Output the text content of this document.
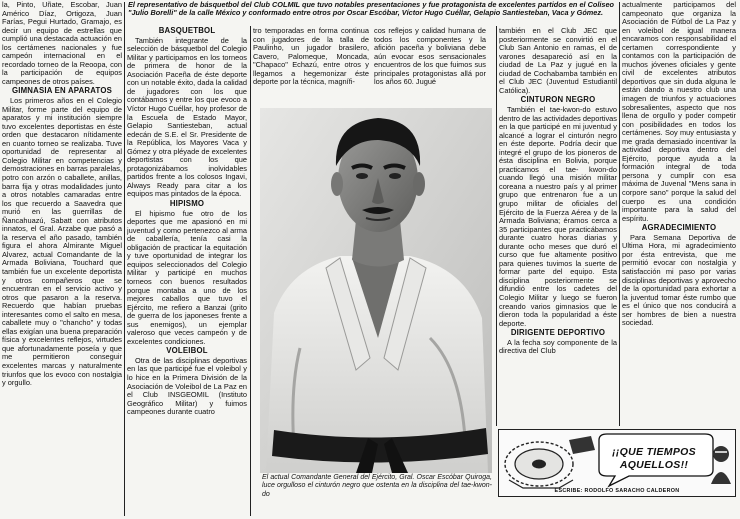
El representativo de básquetbol del Club COLMIL que tuvo notables presentaciones y fue protagonista de excelentes partidos en el Coliseo "Julio Borelli" de la calle México y conformado entre otros por Oscar Escóbar, Víctor Hugo Cuéllar, Gelapio Santiesteban, Vaca y Gómez.

la, Pinto, Uñate, Escobar, Juan Américo Díaz, Ortigoza, Juan Farías, Pegui Hurtado, Gramajo, es decir un equipo de estrellas que cumplió una destacada actuación en los certámenes nacionales y fue campeón internacional en el recordado torneo de la Reoopa, con la participación de equipos campeones de otros países.

GIMNASIA EN APARATOS

Los primeros años en el Colegio Militar, forme parte del equipo de aparatos y mi institución siempre tuvo excelentes deportistas en éste orden que destacaron nítidamente en cuanto torneo se realizaba. Tuve oportunidad de representar al Colegio Militar en competencias y demostraciones en barras paralelas, potro con arzón o caballete, anillas, barra fija y otras modalidades junto a otros notables camaradas entre los que recuerdo a Saavedra que murió en las guerrillas de Ñancahuazú, Sabatt con atributos innatos, el Gral. Arzabe que pasó a la reserva el año pasado, también figura el ahora Almirante Miguel Alvarez, actual Comandante de la Armada Boliviana, Touchard que también fue un excelente deportista y otros compañeros que se encuentran en el servicio activo y otros que pasaron a la reserva. Recuerdo que habían pruebas interesantes como el salto en mesa, caballete muy o "chancho" y todas ellas exigían una buena preparación física y excelentes reflejos, virtudes que afortunadamente poseía y que me permitieron conseguir excelentes marcas y naturalmente triunfos que los evoco con nostalgia y orgullo.

BASQUETBOL

También integrante de la selección de básquetbol del Colegio Militar y participamos en los torneos de primera de honor de la Asociación Paceña de éste deporte con un notable éxito, dada la calidad de jugadores con los que contábamos y entre los que evoco a Víctor Hugo Cuéllar, hoy profesor de la Escuela de Estado Mayor, Gelapio Santiesteban, actual edecán de S.E. el Sr. Presidente de la República, los Mayores Vaca y Gómez y otra pléyade de excelentes deportistas con los que protagonizábamos inolvidables partidos frente a los colosos Ingavi, Always Ready para citar a los equipos mas pintados de la época.

HIPISMO

El hipismo fue otro de los deportes que me apasionó en mi juventud y como pertenezco al arma de caballería, tenía casi la obligación de practicar la equitación y tuve oportunidad de integrar los equipos seleccionados del Colegio Militar y participé en muchos torneos con buenos resultados porque montaba a uno de los mejores caballos que tuvo el Ejército, me refiero a Banzai (grito de guerra de los japoneses frente a sus enemigos), un ejemplar valeroso que veces campeón y de excelentes condiciones.

VOLEIBOL

Otra de las disciplinas deportivas en las que participé fue el voleibol y lo hice en la Primera División de la Asociación de Voleibol de La Paz en el Club INSGEOMIL (Instituto Geográfico Militar) y fuimos campeones durante cuatro

tro temporadas en forma continua con jugadores de la talla de Paulinho, un jugador brasilero, Cavero, Palomeque, Moncada, "Chapaco" Echazú, entre otros y llegamos a hegemonizar éste deporte por la técnica, magnífi-

cos reflejos y calidad humana de todos los componentes y la afición paceña y boliviana debe aún evocar esos sensacionales encuentros de los que fuimos sus principales protagonistas allá por los años 60. Jugué

también en el Club JEC que posteriormente se convirtió en el Club San Antonio en ramas, el de varones desapareció así en la ciudad de La Paz y jugué en la ciudad de Cochabamba también en el Club JEC (Juventud Estudiantil Católica).

CINTURON NEGRO

También el tae-kwon-do estuvo dentro de las actividades deportivas en la que participé en mi juventud y alcancé a lograr el cinturón negro en éste deporte. Podría decir que integré el grupo de los pioneros de ésta disciplina en Bolivia, porque practicamos el tae- kwon-do cuando llegó una misión militar coreana a nuestro país y al primer grupo que entrenaron fue a un grupo militar de oficiales del Ejército de la Fuerza Aérea y de la Armada Boliviana; éramos cerca a 35 participantes que practicábamos durante cuatro horas diarias y durante ocho meses que duró el curso que fue altamente positivo para quienes tuvimos la suerte de formar parte del equipo. Esta disciplina posteriormente se difundió entre los cadetes del Colegio Militar y luego se fueron creando varios gimnasios que le dieron toda la popularidad a éste deporte.

DIRIGENTE DEPORTIVO

A la fecha soy componente de la directiva del Club

actualmente participamos del campeonato que organiza la Asociación de Fútbol de La Paz y en voleibol de igual manera encaramos con responsabilidad el certamen correspondiente y contamos con la participación de muchos jóvenes oficiales y gente civil de excelentes atributos deportivos que sin duda alguna le están dando a nuestro club una imagen de triunfos y actuaciones sobresalientes, aspecto que nos llena de orgullo y poder competir con posibilidades en todos los certámenes. Soy muy entusiasta y me grada demasiado incentivar la actividad deportiva dentro del Ejército, porque ayuda a la formación integral de toda persona y cumplir con esa máxima de Juvenal "Mens sana in corpore sano" porque la salud del cuerpo es una condición importante para la salud del espíritu.

AGRADECIMIENTO

Para Semana Deportiva de Ultima Hora, mi agradecimiento por ésta entrevista, que me permitió evocar con nostalgia y satisfacción mi paso por varias disciplinas deportivas y aprovecho de la oportunidad para exhortar a la juventud tomar éste rumbo que es el único que nos conducirá a ser hombres de bien a nuestra sociedad.

El actual Comandante General del Ejército, Gral. Oscar Escóbar Quiroga, luce orgulloso el cinturón negro que ostenta en la disciplina del tae-kwon-do
¡¡QUE TIEMPOS AQUELLOS!!
ESCRIBE: RODOLFO SARACHO CALDERON
